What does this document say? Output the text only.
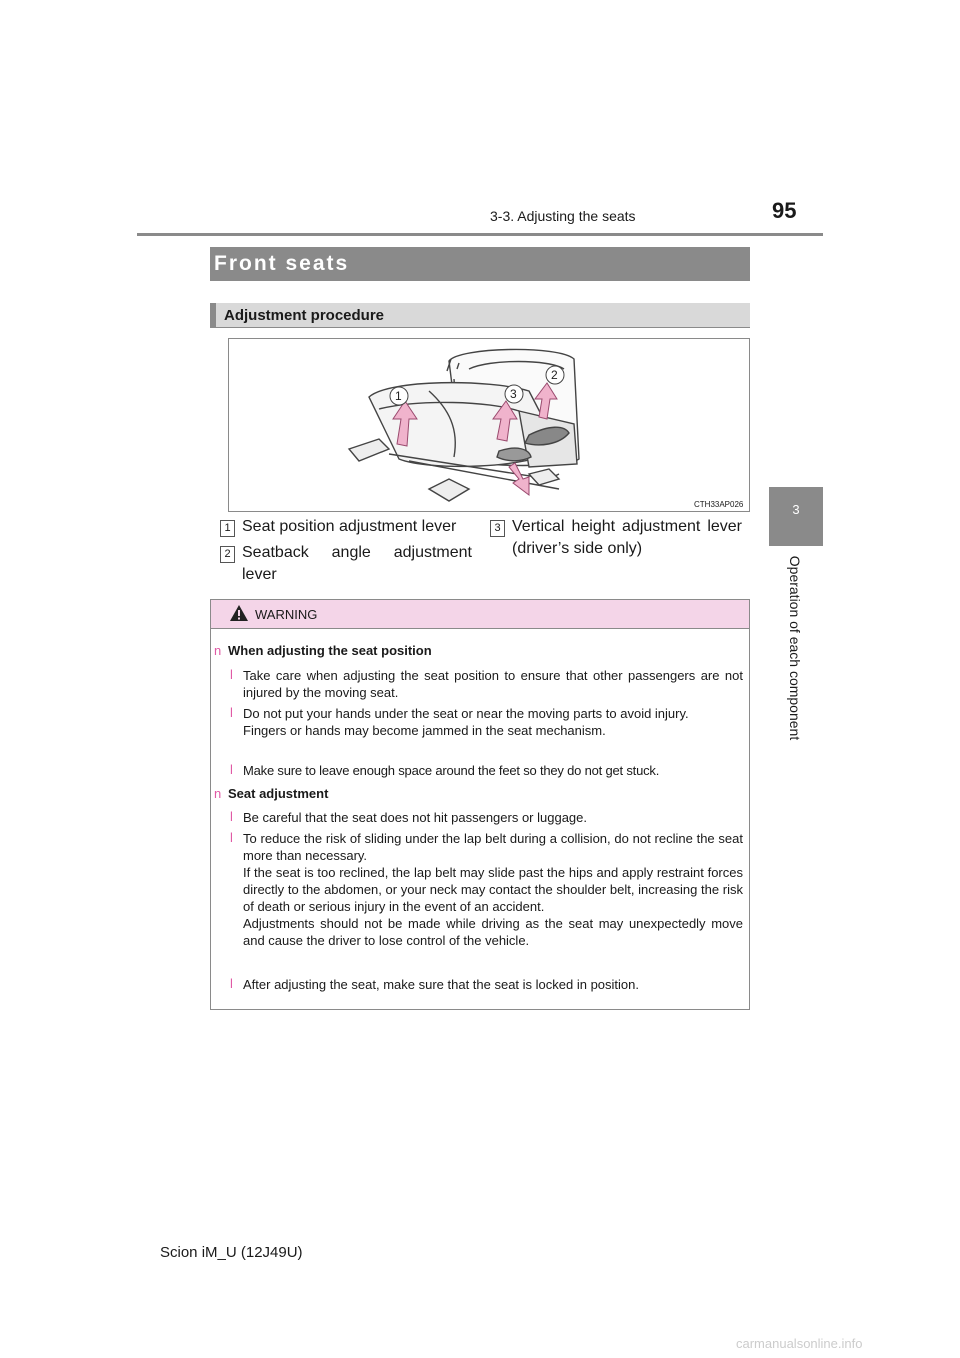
3-3. Adjusting the seats	95
3
Operation of each component
Front seats
Adjustment procedure
1
2
3
CTH33AP026
1 Seat position adjustment lever
2 Seatback angle adjustment lever
3 Vertical height adjustment lever (driver’s side only)
WARNING
n When adjusting the seat position
l Take care when adjusting the seat position to ensure that other passengers are not injured by the moving seat.
l Do not put your hands under the seat or near the moving parts to avoid injury.
Fingers or hands may become jammed in the seat mechanism.
l Make sure to leave enough space around the feet so they do not get stuck.
n Seat adjustment
l Be careful that the seat does not hit passengers or luggage.
l To reduce the risk of sliding under the lap belt during a collision, do not recline the seat more than necessary.
If the seat is too reclined, the lap belt may slide past the hips and apply restraint forces directly to the abdomen, or your neck may contact the shoulder belt, increasing the risk of death or serious injury in the event of an accident.
Adjustments should not be made while driving as the seat may unexpectedly move and cause the driver to lose control of the vehicle.
l After adjusting the seat, make sure that the seat is locked in position.
Scion iM_U (12J49U)
carmanualsonline.info
